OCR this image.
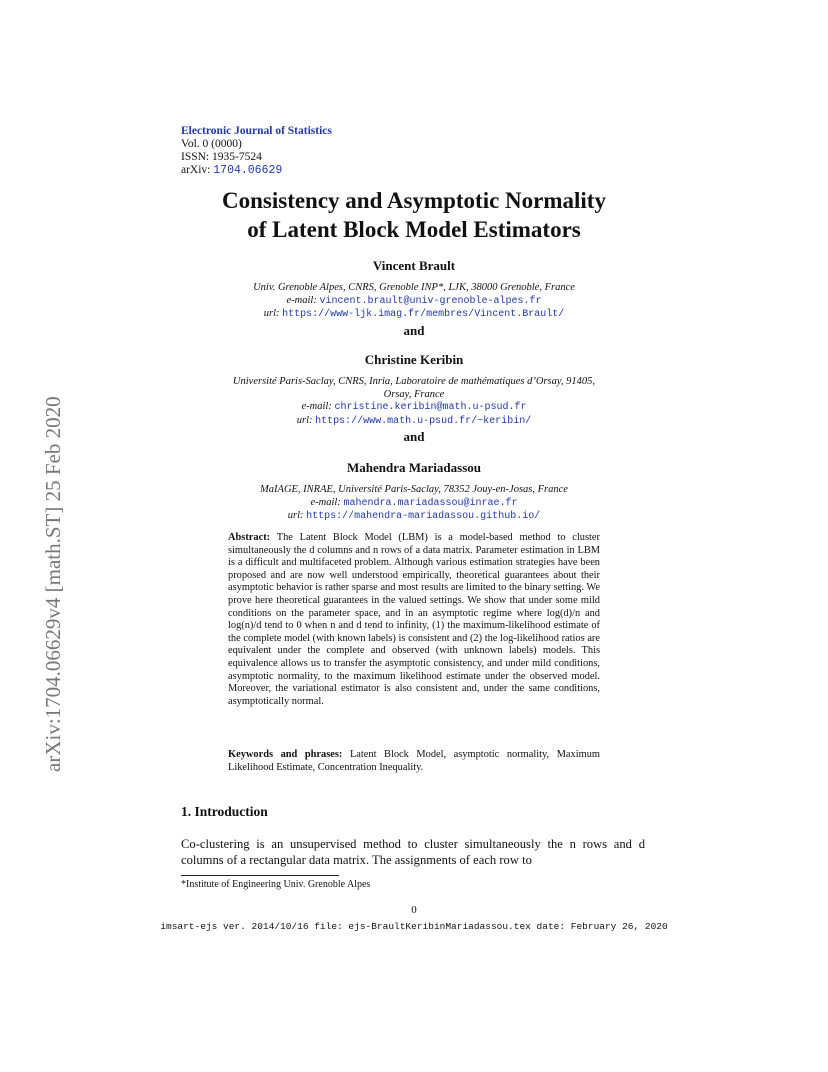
arXiv:1704.06629v4 [math.ST] 25 Feb 2020
Electronic Journal of Statistics
Vol. 0 (0000)
ISSN: 1935-7524
arXiv: 1704.06629
Consistency and Asymptotic Normality
of Latent Block Model Estimators
Vincent Brault
Univ. Grenoble Alpes, CNRS, Grenoble INP*, LJK, 38000 Grenoble, France
e-mail: vincent.brault@univ-grenoble-alpes.fr
url: https://www-ljk.imag.fr/membres/Vincent.Brault/
and
Christine Keribin
Université Paris-Saclay, CNRS, Inria, Laboratoire de mathématiques d’Orsay, 91405,
Orsay, France
e-mail: christine.keribin@math.u-psud.fr
url: https://www.math.u-psud.fr/~keribin/
and
Mahendra Mariadassou
MaIAGE, INRAE, Université Paris-Saclay, 78352 Jouy-en-Josas, France
e-mail: mahendra.mariadassou@inrae.fr
url: https://mahendra-mariadassou.github.io/
Abstract: The Latent Block Model (LBM) is a model-based method to cluster simultaneously the d columns and n rows of a data matrix. Parameter estimation in LBM is a difficult and multifaceted problem. Although various estimation strategies have been proposed and are now well understood empirically, theoretical guarantees about their asymptotic behavior is rather sparse and most results are limited to the binary setting. We prove here theoretical guarantees in the valued settings. We show that under some mild conditions on the parameter space, and in an asymptotic regime where log(d)/n and log(n)/d tend to 0 when n and d tend to infinity, (1) the maximum-likelihood estimate of the complete model (with known labels) is consistent and (2) the log-likelihood ratios are equivalent under the complete and observed (with unknown labels) models. This equivalence allows us to transfer the asymptotic consistency, and under mild conditions, asymptotic normality, to the maximum likelihood estimate under the observed model. Moreover, the variational estimator is also consistent and, under the same conditions, asymptotically normal.
Keywords and phrases: Latent Block Model, asymptotic normality, Maximum Likelihood Estimate, Concentration Inequality.
1. Introduction
Co-clustering is an unsupervised method to cluster simultaneously the n rows and d columns of a rectangular data matrix. The assignments of each row to
*Institute of Engineering Univ. Grenoble Alpes
0
imsart-ejs ver. 2014/10/16 file: ejs-BraultKeribinMariadassou.tex date: February 26, 2020
